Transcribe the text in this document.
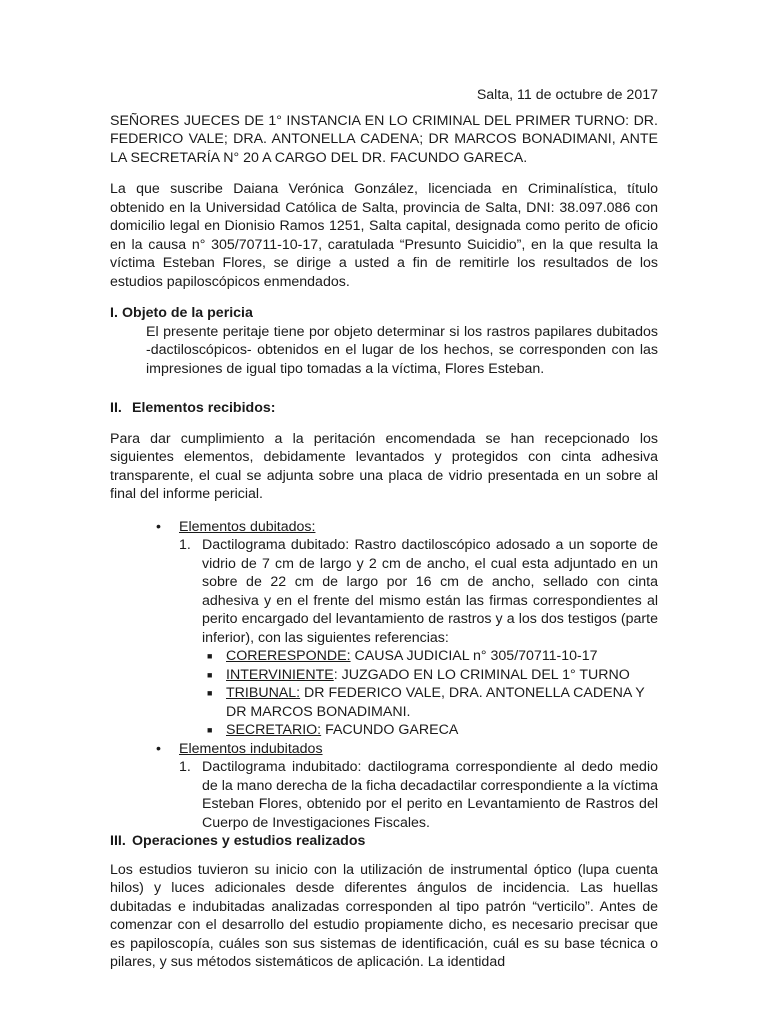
Salta, 11 de octubre de 2017

SEÑORES JUECES DE 1° INSTANCIA EN LO CRIMINAL DEL PRIMER TURNO: DR. FEDERICO VALE; DRA. ANTONELLA CADENA; DR MARCOS BONADIMANI, ANTE LA SECRETARÍA N° 20 A CARGO DEL DR. FACUNDO GARECA.

La que suscribe Daiana Verónica González, licenciada en Criminalística, título obtenido en la Universidad Católica de Salta, provincia de Salta, DNI: 38.097.086 con domicilio legal en Dionisio Ramos 1251, Salta capital, designada como perito de oficio en la causa n° 305/70711-10-17, caratulada “Presunto Suicidio”, en la que resulta la víctima Esteban Flores, se dirige a usted a fin de remitirle los resultados de los estudios papiloscópicos enmendados.

I. Objeto de la pericia

El presente peritaje tiene por objeto determinar si los rastros papilares dubitados -dactiloscópicos- obtenidos en el lugar de los hechos, se corresponden con las impresiones de igual tipo tomadas a la víctima, Flores Esteban.

II. Elementos recibidos:

Para dar cumplimiento a la peritación encomendada se han recepcionado los siguientes elementos, debidamente levantados y protegidos con cinta adhesiva transparente, el cual se adjunta sobre una placa de vidrio presentada en un sobre al final del informe pericial.

• Elementos dubitados:
1. Dactilograma dubitado: Rastro dactiloscópico adosado a un soporte de vidrio de 7 cm de largo y 2 cm de ancho, el cual esta adjuntado en un sobre de 22 cm de largo por 16 cm de ancho, sellado con cinta adhesiva y en el frente del mismo están las firmas correspondientes al perito encargado del levantamiento de rastros y a los dos testigos (parte inferior), con las siguientes referencias:

■ CORERESPONDE: CAUSA JUDICIAL n° 305/70711-10-17
■ INTERVINIENTE: JUZGADO EN LO CRIMINAL DEL 1° TURNO
■ TRIBUNAL: DR FEDERICO VALE, DRA. ANTONELLA CADENA Y DR MARCOS BONADIMANI.
■ SECRETARIO: FACUNDO GARECA
• Elementos indubitados
1. Dactilograma indubitado: dactilograma correspondiente al dedo medio de la mano derecha de la ficha decadactilar correspondiente a la víctima Esteban Flores, obtenido por el perito en Levantamiento de Rastros del Cuerpo de Investigaciones Fiscales.

III. Operaciones y estudios realizados

Los estudios tuvieron su inicio con la utilización de instrumental óptico (lupa cuenta hilos) y luces adicionales desde diferentes ángulos de incidencia. Las huellas dubitadas e indubitadas analizadas corresponden al tipo patrón “verticilo”. Antes de comenzar con el desarrollo del estudio propiamente dicho, es necesario precisar que es papiloscopía, cuáles son sus sistemas de identificación, cuál es su base técnica o pilares, y sus métodos sistemáticos de aplicación. La identidad
